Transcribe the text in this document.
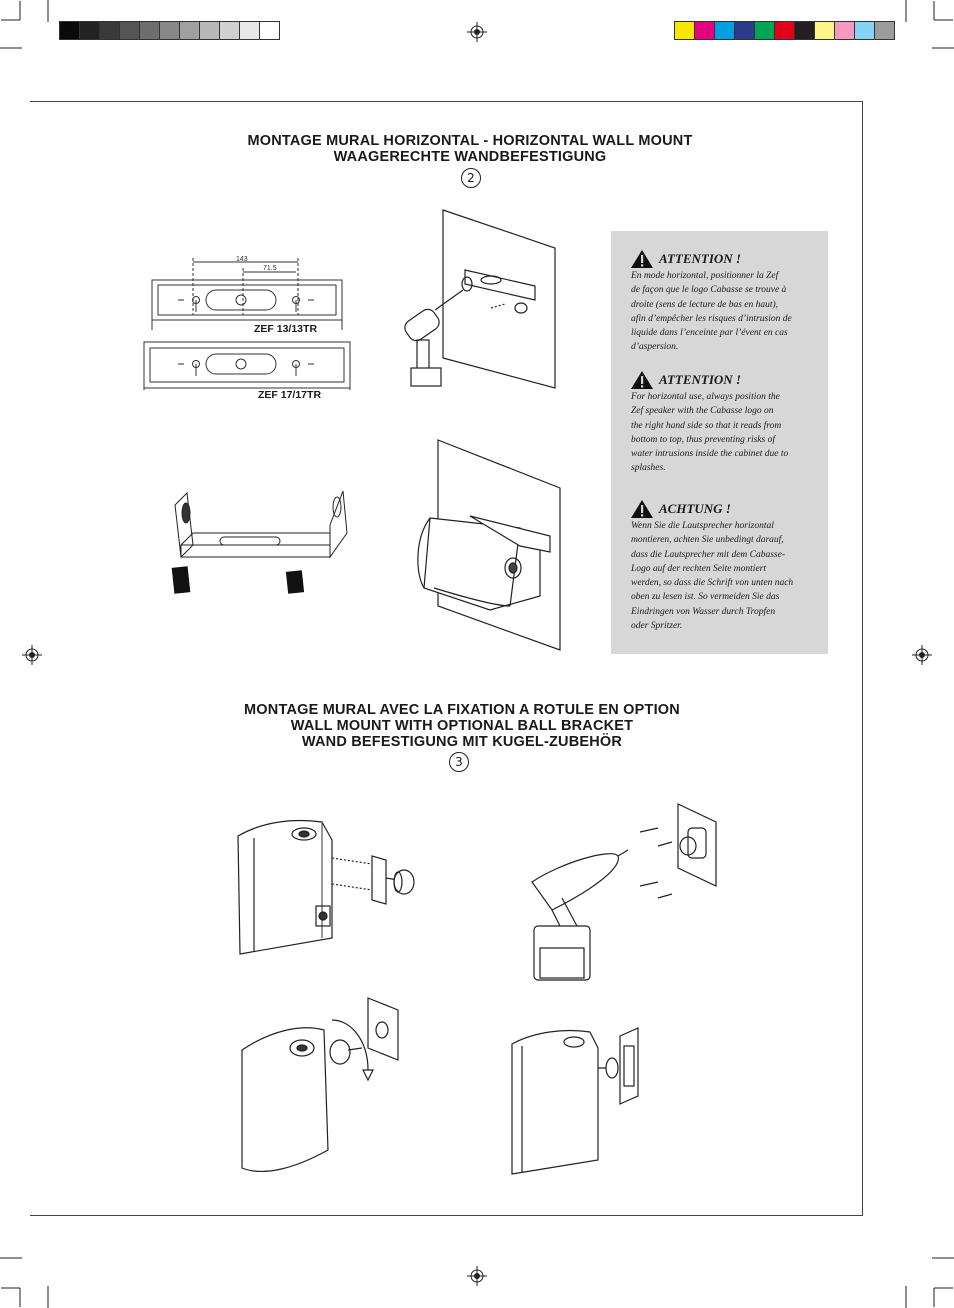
MONTAGE MURAL HORIZONTAL - HORIZONTAL WALL MOUNT
WAAGERECHTE WANDBEFESTIGUNG
2
143
71.5
ZEF 13/13TR
ZEF 17/17TR
ATTENTION !
En mode horizontal, positionner la Zef
de façon que le logo Cabasse se trouve à
droite (sens de lecture de bas en haut),
afin d’empêcher les risques d’intrusion de
liquide dans l’enceinte par l’évent en cas
d’aspersion.
ATTENTION !
For horizontal use, always position the
Zef speaker with the Cabasse logo on
the right hand side so that it reads from
bottom to top, thus preventing risks of
water intrusions inside the cabinet due to
splashes.
ACHTUNG !
Wenn Sie die Lautsprecher horizontal
montieren, achten Sie unbedingt darauf,
dass die Lautsprecher mit dem Cabasse-
Logo auf der rechten Seite montiert
werden, so dass die Schrift von unten nach
oben zu lesen ist. So vermeiden Sie das
Eindringen von Wasser durch Tropfen
oder Spritzer.
MONTAGE MURAL AVEC LA FIXATION A ROTULE EN OPTION
WALL MOUNT WITH OPTIONAL BALL BRACKET
WAND BEFESTIGUNG MIT KUGEL-ZUBEHÖR
3
